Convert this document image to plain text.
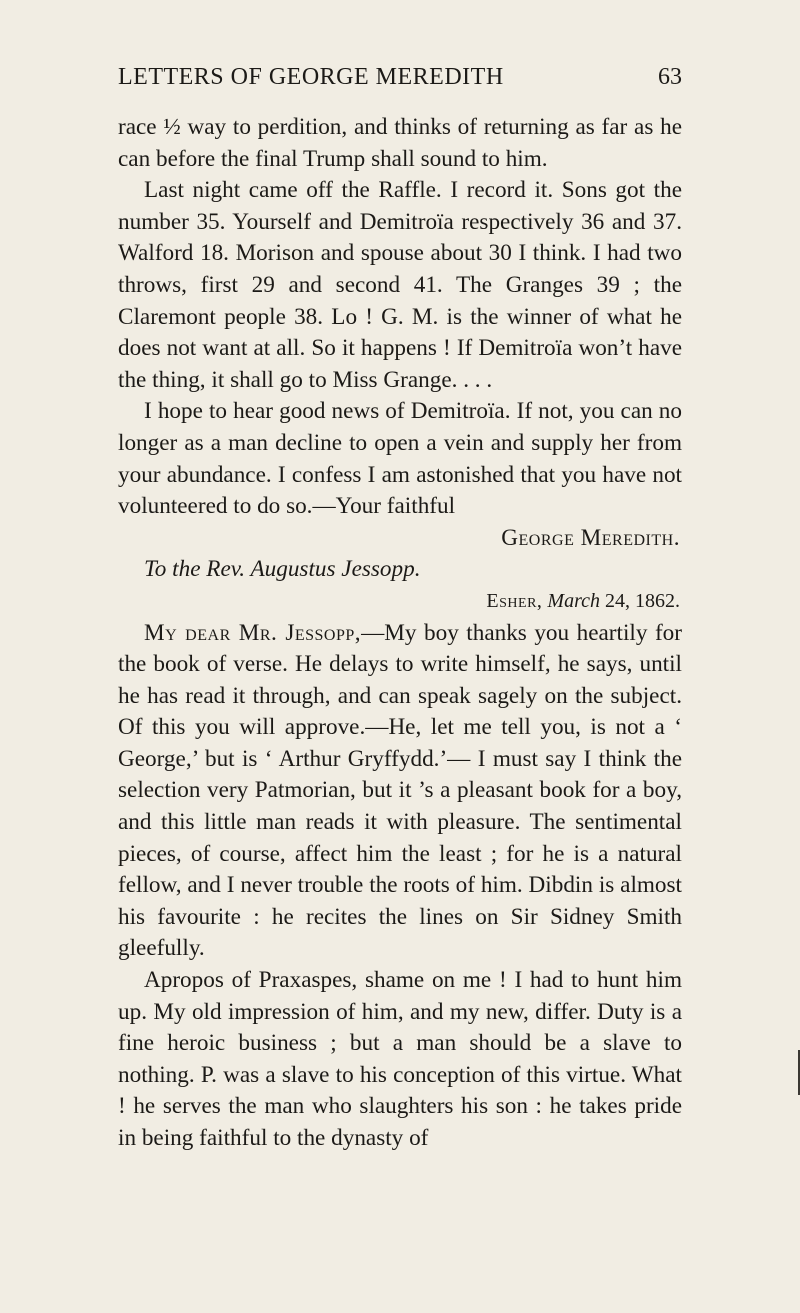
LETTERS OF GEORGE MEREDITH	63

race ½ way to perdition, and thinks of returning as far as he can before the final Trump shall sound to him.

Last night came off the Raffle. I record it. Sons got the number 35. Yourself and Demitroïa respectively 36 and 37. Walford 18. Morison and spouse about 30 I think. I had two throws, first 29 and second 41. The Granges 39 ; the Claremont people 38. Lo ! G. M. is the winner of what he does not want at all. So it happens ! If Demitroïa won’t have the thing, it shall go to Miss Grange. . . .

I hope to hear good news of Demitroïa. If not, you can no longer as a man decline to open a vein and supply her from your abundance. I confess I am astonished that you have not volunteered to do so.—Your faithful

George Meredith.

To the Rev. Augustus Jessopp.

Esher, March 24, 1862.

My dear Mr. Jessopp,—My boy thanks you heartily for the book of verse. He delays to write himself, he says, until he has read it through, and can speak sagely on the subject. Of this you will approve.—He, let me tell you, is not a ‘ George,’ but is ‘ Arthur Gryffydd.’— I must say I think the selection very Patmorian, but it ’s a pleasant book for a boy, and this little man reads it with pleasure. The sentimental pieces, of course, affect him the least ; for he is a natural fellow, and I never trouble the roots of him. Dibdin is almost his favourite : he recites the lines on Sir Sidney Smith gleefully.

Apropos of Praxaspes, shame on me ! I had to hunt him up. My old impression of him, and my new, differ. Duty is a fine heroic business ; but a man should be a slave to nothing. P. was a slave to his conception of this virtue. What ! he serves the man who slaughters his son : he takes pride in being faithful to the dynasty of
